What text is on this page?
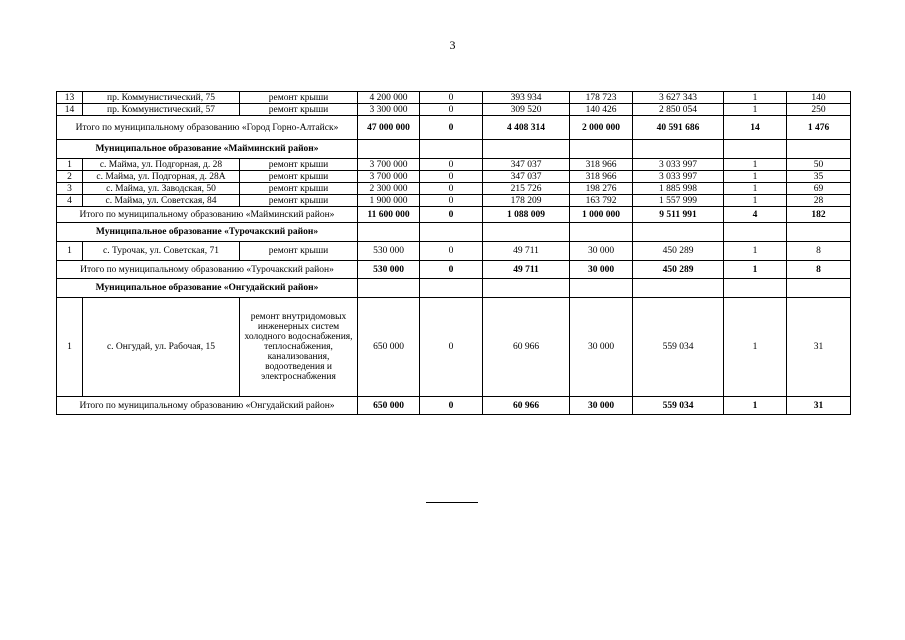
3
13	пр. Коммунистический, 75	ремонт крыши	4 200 000	0	393 934	178 723	3 627 343	1	140
14	пр. Коммунистический, 57	ремонт крыши	3 300 000	0	309 520	140 426	2 850 054	1	250
Итого по муниципальному образованию «Город Горно-Алтайск»			47 000 000	0	4 408 314	2 000 000	40 591 686	14	1 476
Муниципальное образование «Майминский район»									
1	с. Майма, ул. Подгорная, д. 28	ремонт крыши	3 700 000	0	347 037	318 966	3 033 997	1	50
2	с. Майма, ул. Подгорная, д. 28А	ремонт крыши	3 700 000	0	347 037	318 966	3 033 997	1	35
3	с. Майма, ул. Заводская, 50	ремонт крыши	2 300 000	0	215 726	198 276	1 885 998	1	69
4	с. Майма, ул. Советская, 84	ремонт крыши	1 900 000	0	178 209	163 792	1 557 999	1	28
Итого по муниципальному образованию «Майминский район»			11 600 000	0	1 088 009	1 000 000	9 511 991	4	182
Муниципальное образование «Турочакский район»									
1	с. Турочак, ул. Советская, 71	ремонт крыши	530 000	0	49 711	30 000	450 289	1	8
Итого по муниципальному образованию «Турочакский район»			530 000	0	49 711	30 000	450 289	1	8
Муниципальное образование «Онгудайский район»									
1	с. Онгудай, ул. Рабочая, 15	ремонт внутридомовых инженерных систем холодного водоснабжения, теплоснабжения, канализования, водоотведения и электроснабжения	650 000	0	60 966	30 000	559 034	1	31
Итого по муниципальному образованию «Онгудайский район»			650 000	0	60 966	30 000	559 034	1	31
